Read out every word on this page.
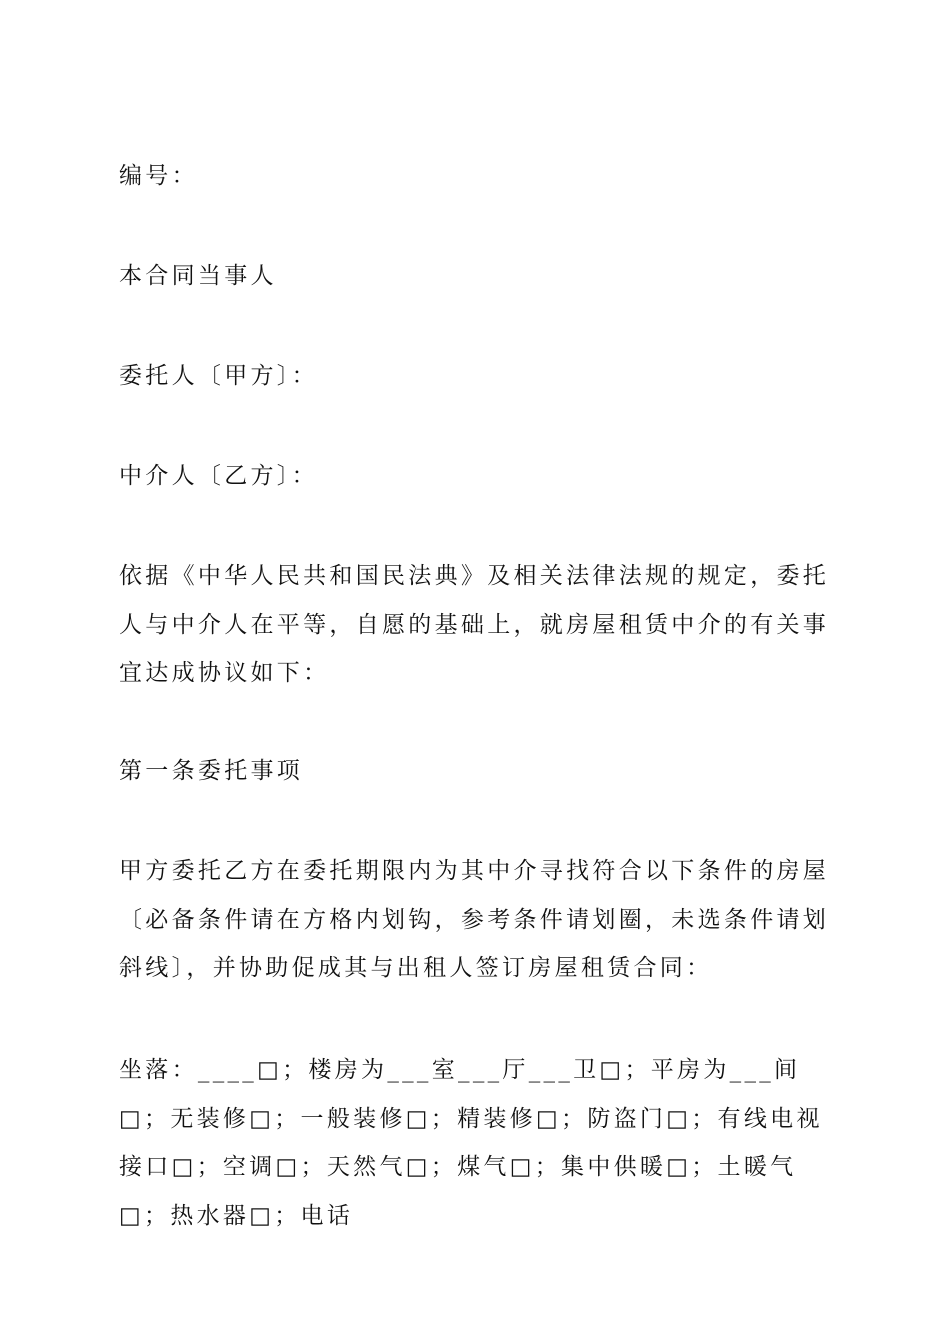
编号：

本合同当事人

委托人〔甲方〕：

中介人〔乙方〕：

依据《中华人民共和国民法典》及相关法律法规的规定，委托人与中介人在平等，自愿的基础上，就房屋租赁中介的有关事宜达成协议如下：

第一条委托事项

甲方委托乙方在委托期限内为其中介寻找符合以下条件的房屋〔必备条件请在方格内划钩，参考条件请划圈，未选条件请划斜线〕，并协助促成其与出租人签订房屋租赁合同：

坐落：____□；楼房为___室___厅___卫□；平房为___间□；无装修□；一般装修□；精装修□；防盗门□；有线电视接口□；空调□；天然气□；煤气□；集中供暖□；土暖气□；热水器□；电话
